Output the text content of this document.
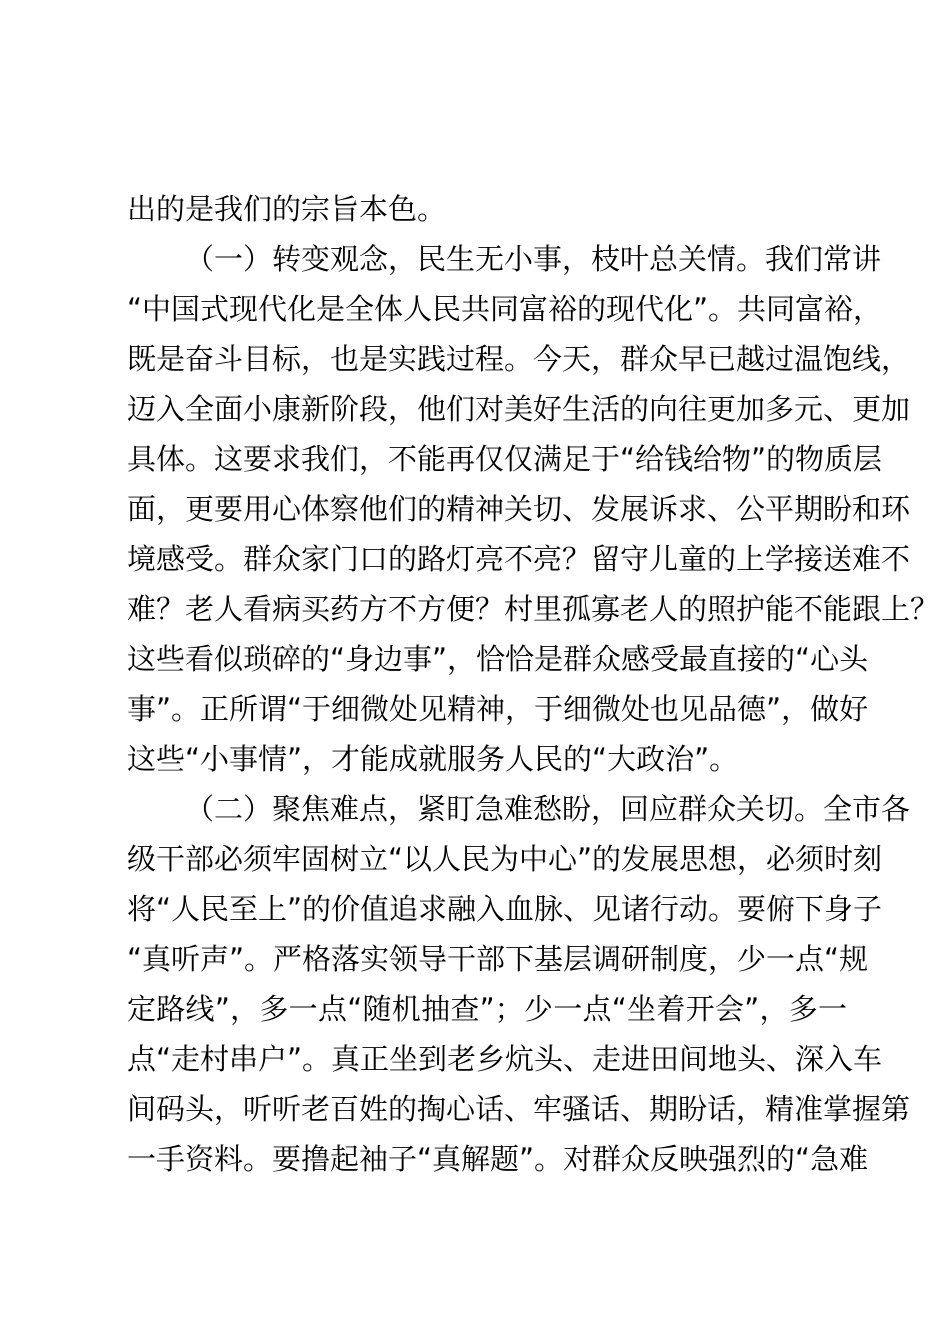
出的是我们的宗旨本色。
（一）转变观念，民生无小事，枝叶总关情。我们常讲
“中国式现代化是全体人民共同富裕的现代化”。共同富裕，
既是奋斗目标，也是实践过程。今天，群众早已越过温饱线，
迈入全面小康新阶段，他们对美好生活的向往更加多元、更加
具体。这要求我们，不能再仅仅满足于“给钱给物”的物质层
面，更要用心体察他们的精神关切、发展诉求、公平期盼和环
境感受。群众家门口的路灯亮不亮？留守儿童的上学接送难不
难？老人看病买药方不方便？村里孤寡老人的照护能不能跟上？
这些看似琐碎的“身边事”，恰恰是群众感受最直接的“心头
事”。正所谓“于细微处见精神，于细微处也见品德”，做好
这些“小事情”，才能成就服务人民的“大政治”。
（二）聚焦难点，紧盯急难愁盼，回应群众关切。全市各
级干部必须牢固树立“以人民为中心”的发展思想，必须时刻
将“人民至上”的价值追求融入血脉、见诸行动。要俯下身子
“真听声”。严格落实领导干部下基层调研制度，少一点“规
定路线”，多一点“随机抽查”；少一点“坐着开会”，多一
点“走村串户”。真正坐到老乡炕头、走进田间地头、深入车
间码头，听听老百姓的掏心话、牢骚话、期盼话，精准掌握第
一手资料。要撸起袖子“真解题”。对群众反映强烈的“急难
